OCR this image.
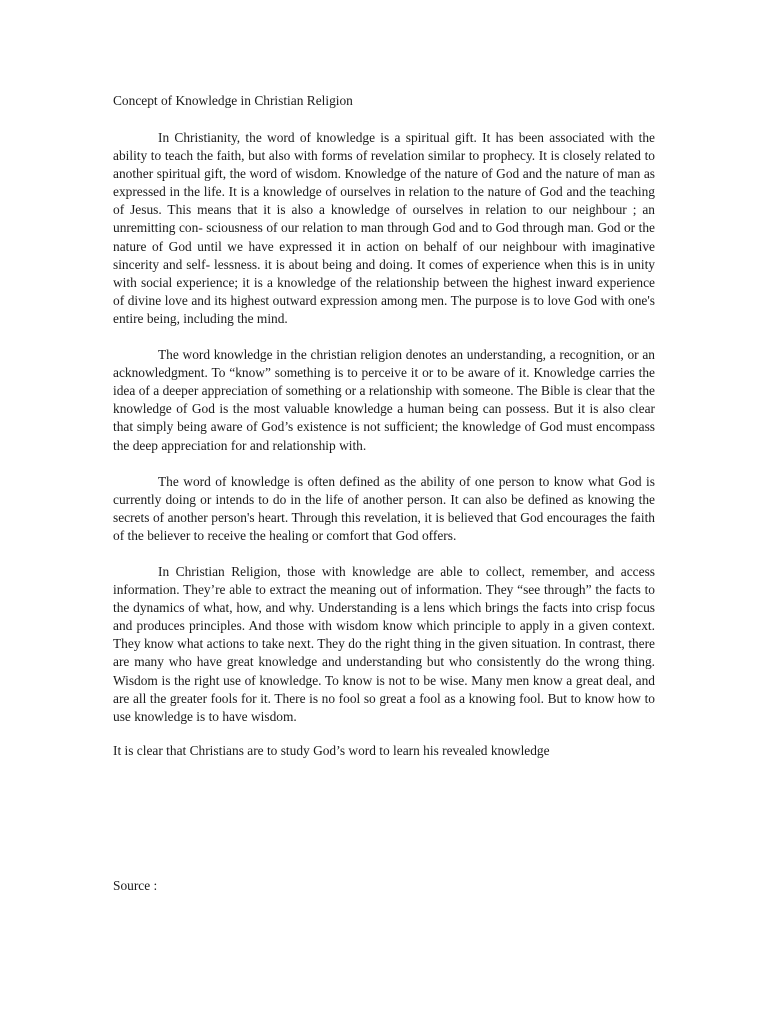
Concept of Knowledge in Christian Religion

In Christianity, the word of knowledge is a spiritual gift. It has been associated with the ability to teach the faith, but also with forms of revelation similar to prophecy. It is closely related to another spiritual gift, the word of wisdom. Knowledge of the nature of God and the nature of man as expressed in the life. It is a knowledge of ourselves in relation to the nature of God and the teaching of Jesus. This means that it is also a knowledge of ourselves in relation to our neighbour ; an unremitting con- sciousness of our relation to man through God and to God through man. God or the nature of God until we have expressed it in action on behalf of our neighbour with imaginative sincerity and self- lessness. it is about being and doing. It comes of experience when this is in unity with social experience; it is a knowledge of the relationship between the highest inward experience of divine love and its highest outward expression among men. The purpose is to love God with one's entire being, including the mind.

The word knowledge in the christian religion denotes an understanding, a recognition, or an acknowledgment. To “know” something is to perceive it or to be aware of it. Knowledge carries the idea of a deeper appreciation of something or a relationship with someone. The Bible is clear that the knowledge of God is the most valuable knowledge a human being can possess. But it is also clear that simply being aware of God’s existence is not sufficient; the knowledge of God must encompass the deep appreciation for and relationship with.

The word of knowledge is often defined as the ability of one person to know what God is currently doing or intends to do in the life of another person. It can also be defined as knowing the secrets of another person's heart. Through this revelation, it is believed that God encourages the faith of the believer to receive the healing or comfort that God offers.

In Christian Religion, those with knowledge are able to collect, remember, and access information. They’re able to extract the meaning out of information. They “see through” the facts to the dynamics of what, how, and why. Understanding is a lens which brings the facts into crisp focus and produces principles. And those with wisdom know which principle to apply in a given context. They know what actions to take next. They do the right thing in the given situation. In contrast, there are many who have great knowledge and understanding but who consistently do the wrong thing. Wisdom is the right use of knowledge. To know is not to be wise. Many men know a great deal, and are all the greater fools for it. There is no fool so great a fool as a knowing fool. But to know how to use knowledge is to have wisdom.

It is clear that Christians are to study God’s word to learn his revealed knowledge

Source :
